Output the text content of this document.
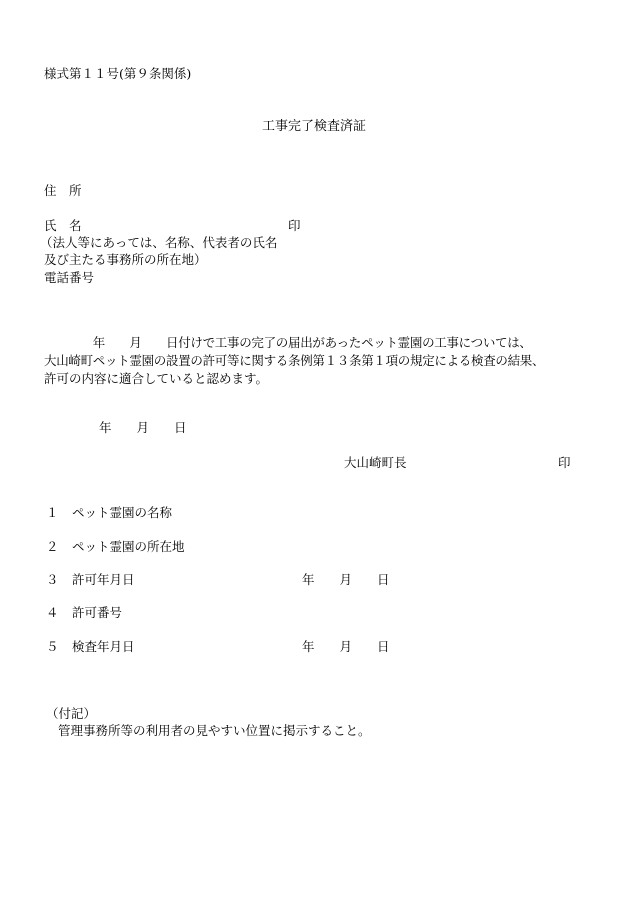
様式第１１号(第９条関係)
工事完了検査済証
住　所
氏　名	印
（法人等にあっては、名称、代表者の氏名
及び主たる事務所の所在地）
電話番号
　　　　年　　月　　日付けで工事の完了の届出があったペット霊園の工事については、
大山崎町ペット霊園の設置の許可等に関する条例第１３条第１項の規定による検査の結果、
許可の内容に適合していると認めます。
年　　月　　日
大山崎町長	印
１ ペット霊園の名称
２ ペット霊園の所在地
３ 許可年月日	年　　月　　日
４ 許可番号
５ 検査年月日	年　　月　　日
（付記）
管理事務所等の利用者の見やすい位置に掲示すること。
